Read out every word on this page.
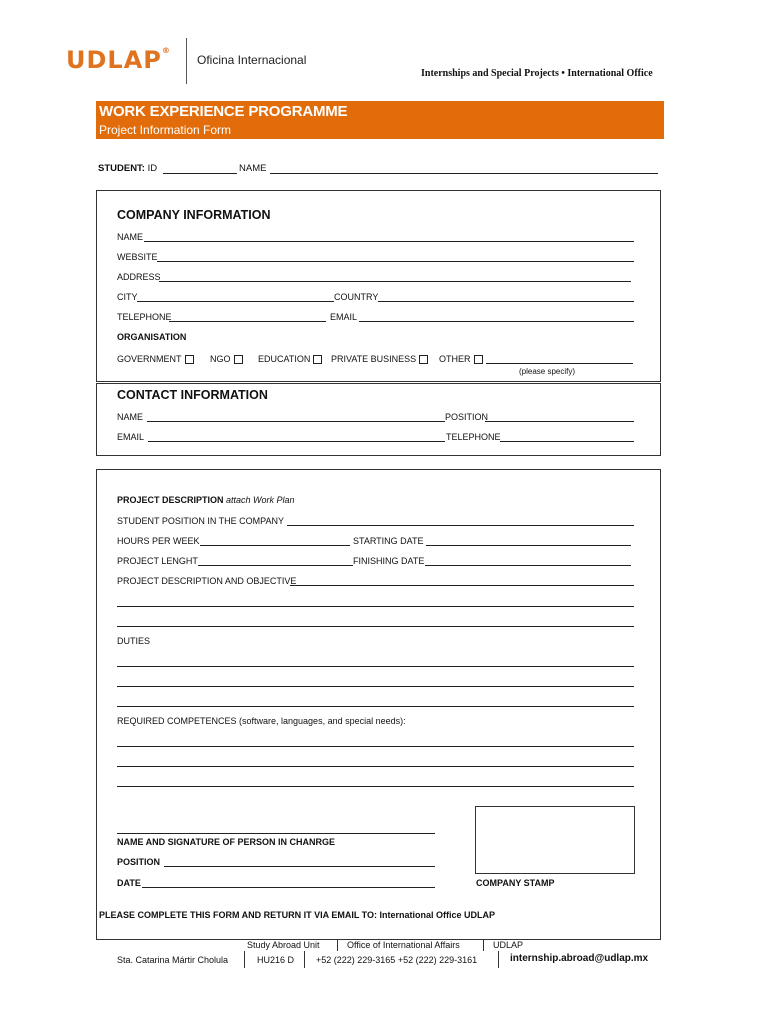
UDLAP®
Oficina Internacional
Internships and Special Projects • International Office
WORK EXPERIENCE PROGRAMME
Project Information Form
STUDENT: ID	NAME
COMPANY INFORMATION
NAME
WEBSITE
ADDRESS
CITY	COUNTRY
TELEPHONE	EMAIL
ORGANISATION
GOVERNMENT	NGO	EDUCATION	PRIVATE BUSINESS	OTHER
(please specify)
CONTACT INFORMATION
NAME	POSITION
EMAIL	TELEPHONE
PROJECT DESCRIPTION attach Work Plan
STUDENT POSITION IN THE COMPANY
HOURS PER WEEK	STARTING DATE
PROJECT LENGHT	FINISHING DATE
PROJECT DESCRIPTION AND OBJECTIVE
DUTIES
REQUIRED COMPETENCES (software, languages, and special needs):
NAME AND SIGNATURE OF PERSON IN CHANRGE
POSITION
DATE	COMPANY STAMP
PLEASE COMPLETE THIS FORM AND RETURN IT VIA EMAIL TO: International Office UDLAP
Study Abroad Unit	Office of International Affairs	UDLAP
Sta. Catarina Mártir Cholula	HU216 D +52 (222) 229-3165 +52 (222) 229-3161	internship.abroad@udlap.mx
